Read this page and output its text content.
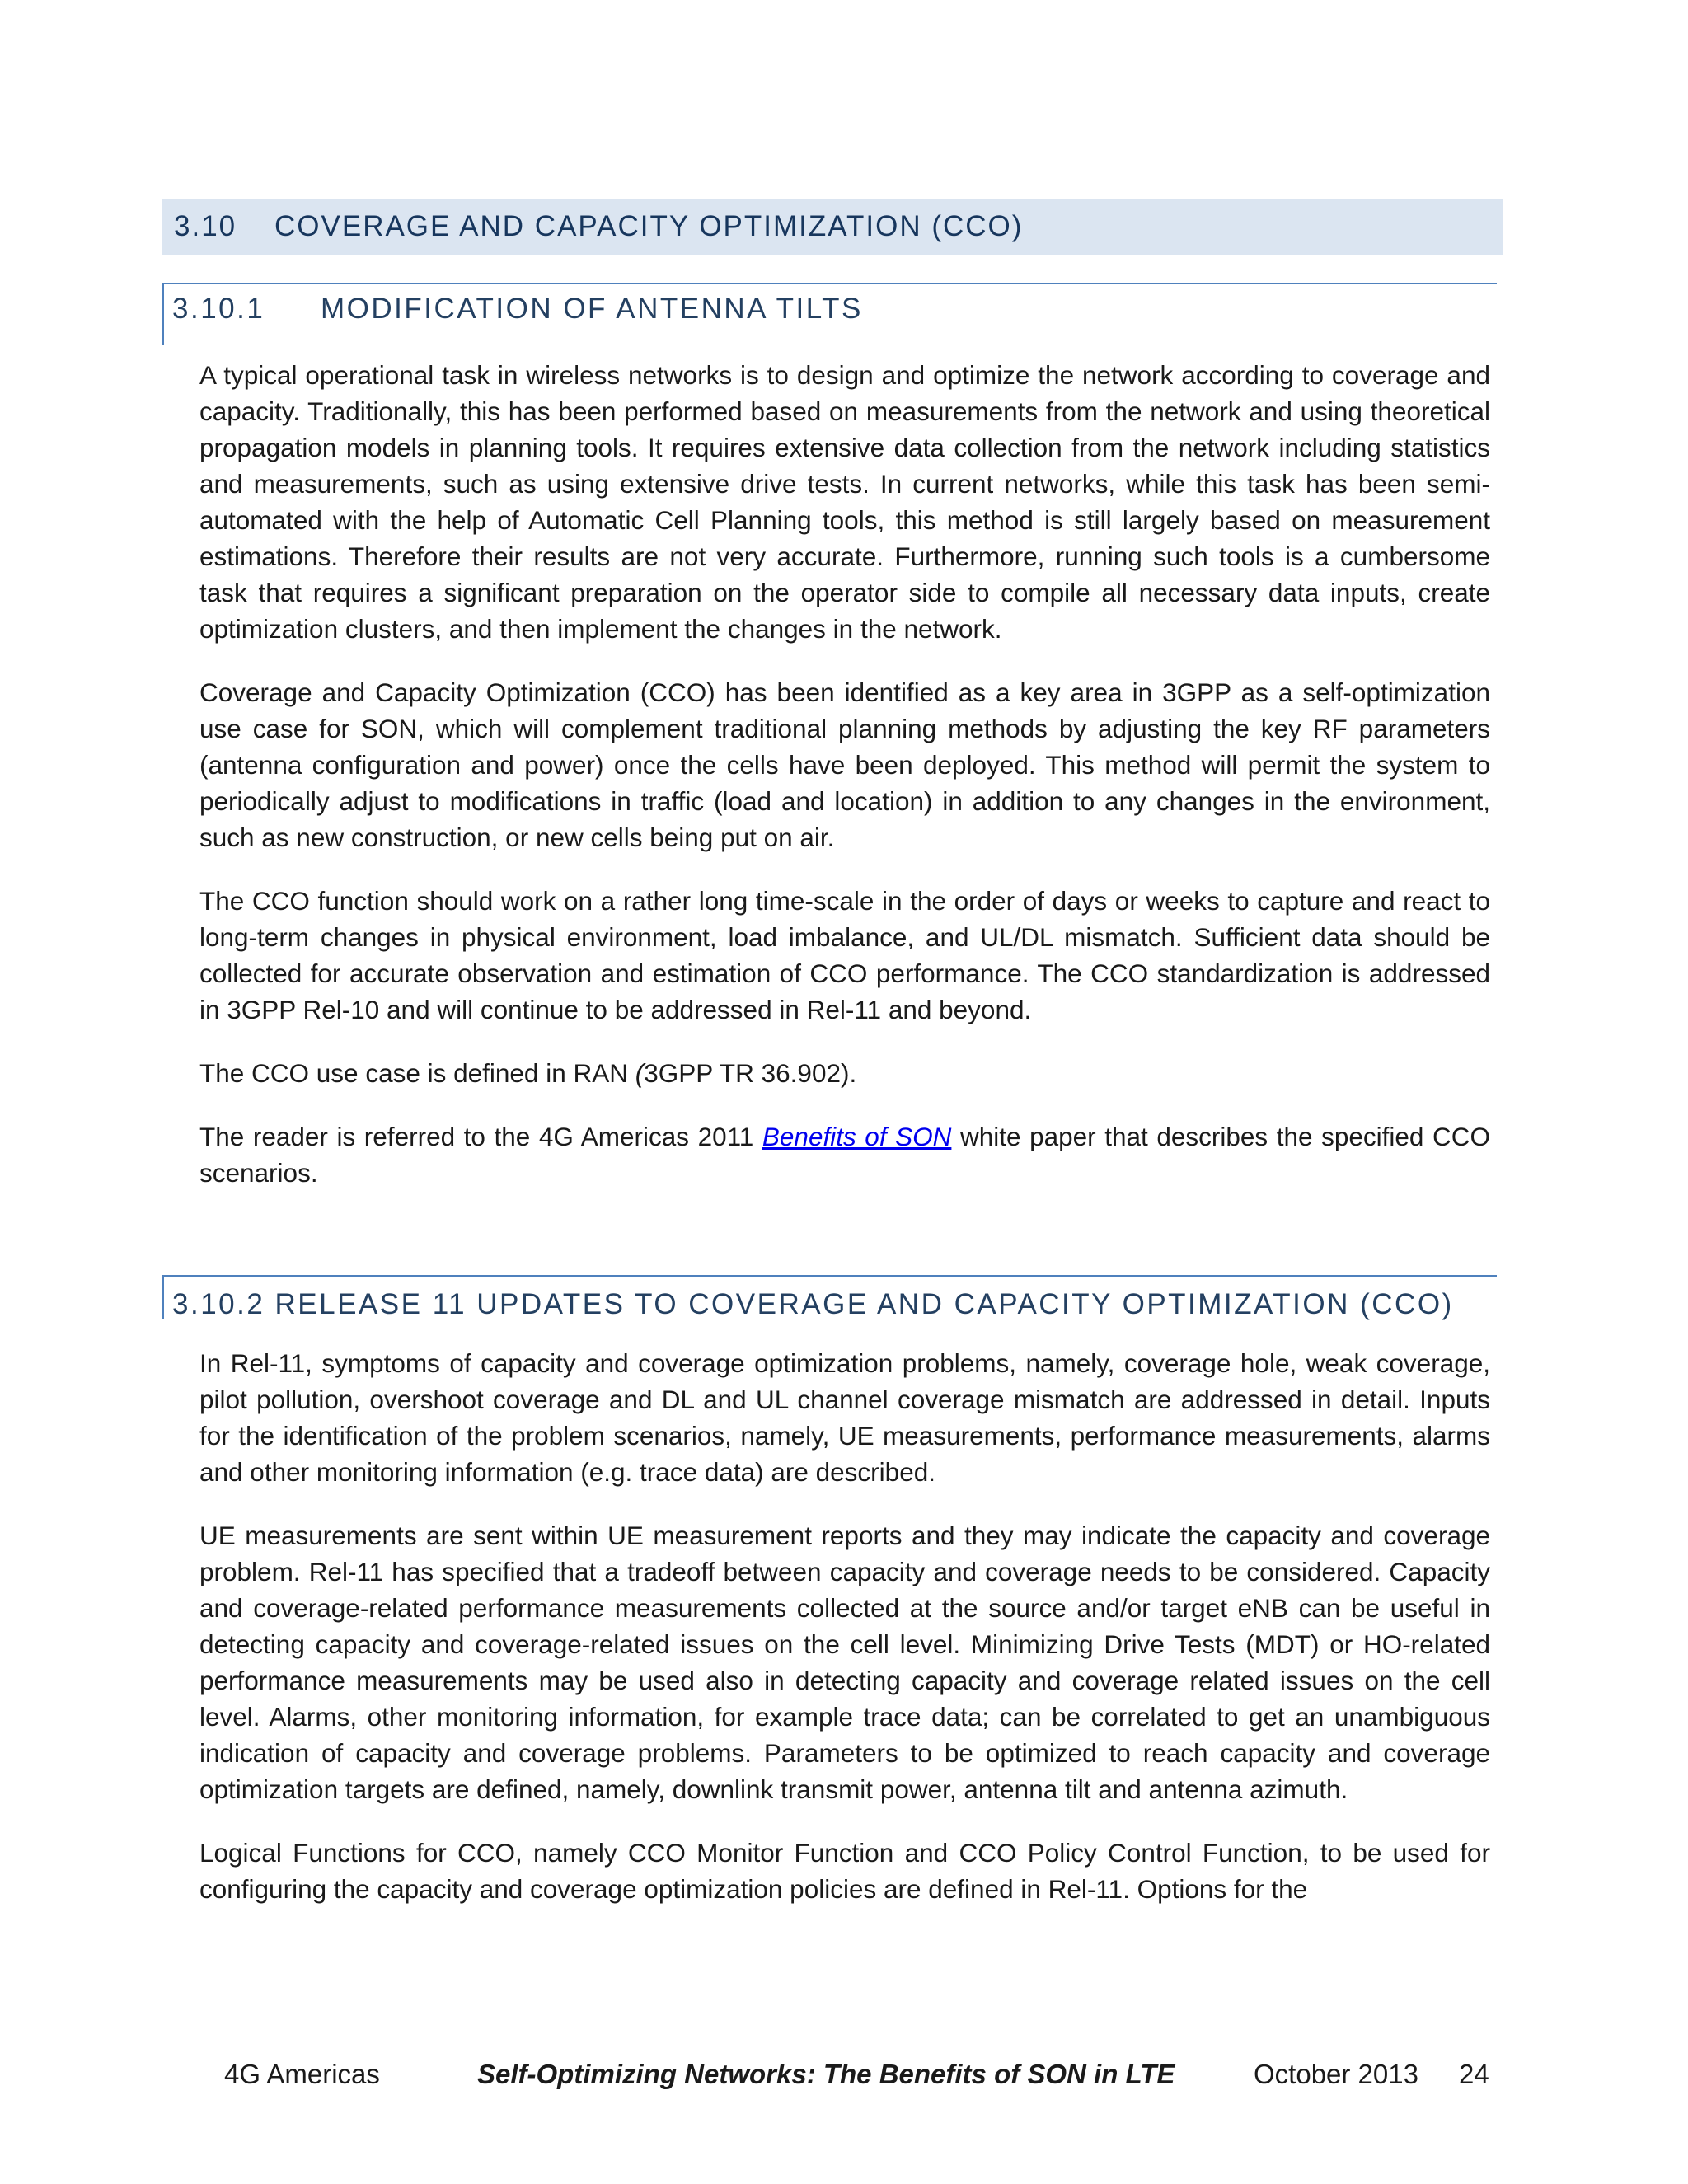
3.10	COVERAGE AND CAPACITY OPTIMIZATION (CCO)
3.10.1	MODIFICATION OF ANTENNA TILTS

A typical operational task in wireless networks is to design and optimize the network according to coverage and capacity. Traditionally, this has been performed based on measurements from the network and using theoretical propagation models in planning tools. It requires extensive data collection from the network including statistics and measurements, such as using extensive drive tests. In current networks, while this task has been semi-automated with the help of Automatic Cell Planning tools, this method is still largely based on measurement estimations. Therefore their results are not very accurate. Furthermore, running such tools is a cumbersome task that requires a significant preparation on the operator side to compile all necessary data inputs, create optimization clusters, and then implement the changes in the network.

Coverage and Capacity Optimization (CCO) has been identified as a key area in 3GPP as a self-optimization use case for SON, which will complement traditional planning methods by adjusting the key RF parameters (antenna configuration and power) once the cells have been deployed. This method will permit the system to periodically adjust to modifications in traffic (load and location) in addition to any changes in the environment, such as new construction, or new cells being put on air.

The CCO function should work on a rather long time-scale in the order of days or weeks to capture and react to long-term changes in physical environment, load imbalance, and UL/DL mismatch. Sufficient data should be collected for accurate observation and estimation of CCO performance. The CCO standardization is addressed in 3GPP Rel-10 and will continue to be addressed in Rel-11 and beyond.

The CCO use case is defined in RAN (3GPP TR 36.902).

The reader is referred to the 4G Americas 2011 Benefits of SON white paper that describes the specified CCO scenarios.

3.10.2 RELEASE 11 UPDATES TO COVERAGE AND CAPACITY OPTIMIZATION (CCO)

In Rel-11, symptoms of capacity and coverage optimization problems, namely, coverage hole, weak coverage, pilot pollution, overshoot coverage and DL and UL channel coverage mismatch are addressed in detail. Inputs for the identification of the problem scenarios, namely, UE measurements, performance measurements, alarms and other monitoring information (e.g. trace data) are described.

UE measurements are sent within UE measurement reports and they may indicate the capacity and coverage problem. Rel-11 has specified that a tradeoff between capacity and coverage needs to be considered. Capacity and coverage-related performance measurements collected at the source and/or target eNB can be useful in detecting capacity and coverage-related issues on the cell level. Minimizing Drive Tests (MDT) or HO-related performance measurements may be used also in detecting capacity and coverage related issues on the cell level. Alarms, other monitoring information, for example trace data; can be correlated to get an unambiguous indication of capacity and coverage problems. Parameters to be optimized to reach capacity and coverage optimization targets are defined, namely, downlink transmit power, antenna tilt and antenna azimuth.

Logical Functions for CCO, namely CCO Monitor Function and CCO Policy Control Function, to be used for configuring the capacity and coverage optimization policies are defined in Rel-11. Options for the

4G Americas	Self-Optimizing Networks: The Benefits of SON in LTE	October 2013 24
